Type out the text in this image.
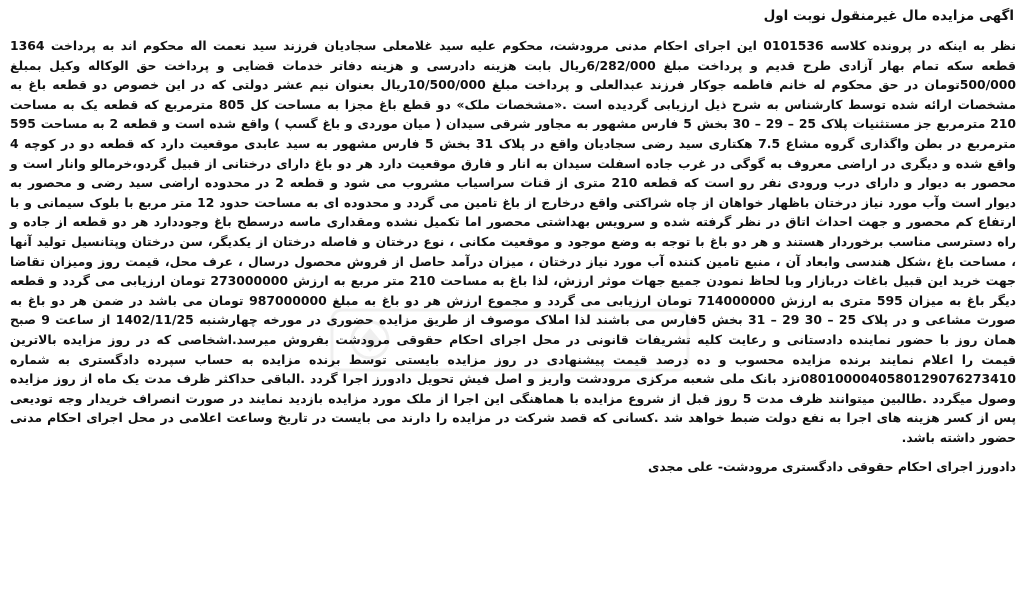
اگهی مزایده مال غیرمنقول نوبت اول

نظر به اینکه در پرونده کلاسه 0101536 این اجرای احکام مدنی مرودشت، محکوم علیه سید غلامعلی سجادیان فرزند سید نعمت اله محکوم اند به پرداخت 1364 قطعه سکه تمام بهار آزادی طرح قدیم و پرداخت مبلغ 6/282/000ریال بابت هزینه دادرسی و هزینه دفاتر خدمات قضایی و پرداخت حق الوکاله وکیل بمبلغ 500/000تومان در حق محکوم له خانم فاطمه جوکار فرزند عبدالعلی و پرداخت مبلغ 10/500/000ریال بعنوان نیم عشر دولتی که در این خصوص دو قطعه باغ به مشخصات ارائه شده توسط کارشناس به شرح ذیل ارزیابی گردیده است .«مشخصات ملک» دو قطع باغ مجزا به مساحت کل 805 مترمربع که قطعه یک به مساحت 210 مترمربع جز مستثنیات پلاک 25 – 29 – 30 بخش 5 فارس مشهور به مجاور شرقی سیدان ( میان موردی و باغ گسپ ) واقع شده است و قطعه 2 به مساحت 595 مترمربع در بطن واگذاری گروه مشاع 7.5 هکتاری سید رضی سجادیان واقع در پلاک 31 بخش 5 فارس مشهور به سید عابدی موقعیت دارد که قطعه دو در کوچه 4 واقع شده و دیگری در اراضی معروف به گوگی در غرب جاده اسفلت سیدان به انار و فارق موقعیت دارد هر دو باغ دارای درختانی از قبیل گردو،خرمالو وانار است و محصور به دیوار و دارای درب ورودی نفر رو است که قطعه 210 متری از قنات سراسیاب مشروب می شود و قطعه 2 در محدوده اراضی سید رضی و محصور به دیوار است وآب مورد نیاز درختان باظهار خواهان از چاه شراکتی واقع درخارج از باغ تامین می گردد و محدوده ای به مساحت حدود 12 متر مربع با بلوک سیمانی و با ارتفاع کم محصور و جهت احداث اتاق در نظر گرفته شده و سرویس بهداشتی محصور اما تکمیل نشده ومقداری ماسه درسطح باغ وجوددارد هر دو قطعه از جاده و راه دسترسی مناسب برخوردار هستند و هر دو باغ با توجه به وضع موجود و موقعیت مکانی ، نوع درختان و فاصله درختان از یکدیگر، سن درختان وپتانسیل تولید آنها ، مساحت باغ ،شکل هندسی وابعاد آن ، منبع تامین کننده آب مورد نیاز درختان ، میزان درآمد حاصل از فروش محصول درسال ، عرف محل، قیمت روز ومیزان تقاضا جهت خرید این قبیل باغات دربازار وبا لحاظ نمودن جمیع جهات موثر ارزش، لذا باغ به مساحت 210 متر مربع به ارزش 273000000 تومان ارزیابی می گردد و قطعه دیگر باغ به میزان 595 متری به ارزش 714000000 تومان ارزیابی می گردد و مجموع ارزش هر دو باغ به مبلغ 987000000 تومان می باشد در ضمن هر دو باغ به صورت مشاعی و در پلاک 25 – 30 29 – 31 بخش 5فارس می باشند لذا املاک موصوف از طریق مزایده حضوری در مورخه چهارشنبه 1402/11/25 از ساعت 9 صبح همان روز با حضور نماینده دادستانی و رعایت کلیه تشریفات قانونی در محل اجرای احکام حقوقی مرودشت بفروش میرسد.اشخاصی که در روز مزایده بالاترین قیمت را اعلام نمایند برنده مزایده محسوب و ده درصد قیمت پیشنهادی در روز مزایده بایستی توسط برنده مزایده به حساب سپرده دادگستری به شماره 0801000040580129076273410نزد بانک ملی شعبه مرکزی مرودشت واریز و اصل فیش تحویل دادورز اجرا گردد .الباقی حداکثر ظرف مدت یک ماه از روز مزایده وصول میگردد .طالبین میتوانند ظرف مدت 5 روز قبل از شروع مزایده با هماهنگی این اجرا از ملک مورد مزایده بازدید نمایند در صورت انصراف خریدار وجه تودیعی پس از کسر هزینه های اجرا به نفع دولت ضبط خواهد شد .کسانی که قصد شرکت در مزایده را دارند می بایست در تاریخ وساعت اعلامی در محل اجرای احکام مدنی حضور داشته باشد.

دادورز اجرای احکام حقوقی دادگستری مرودشت- علی مجدی
